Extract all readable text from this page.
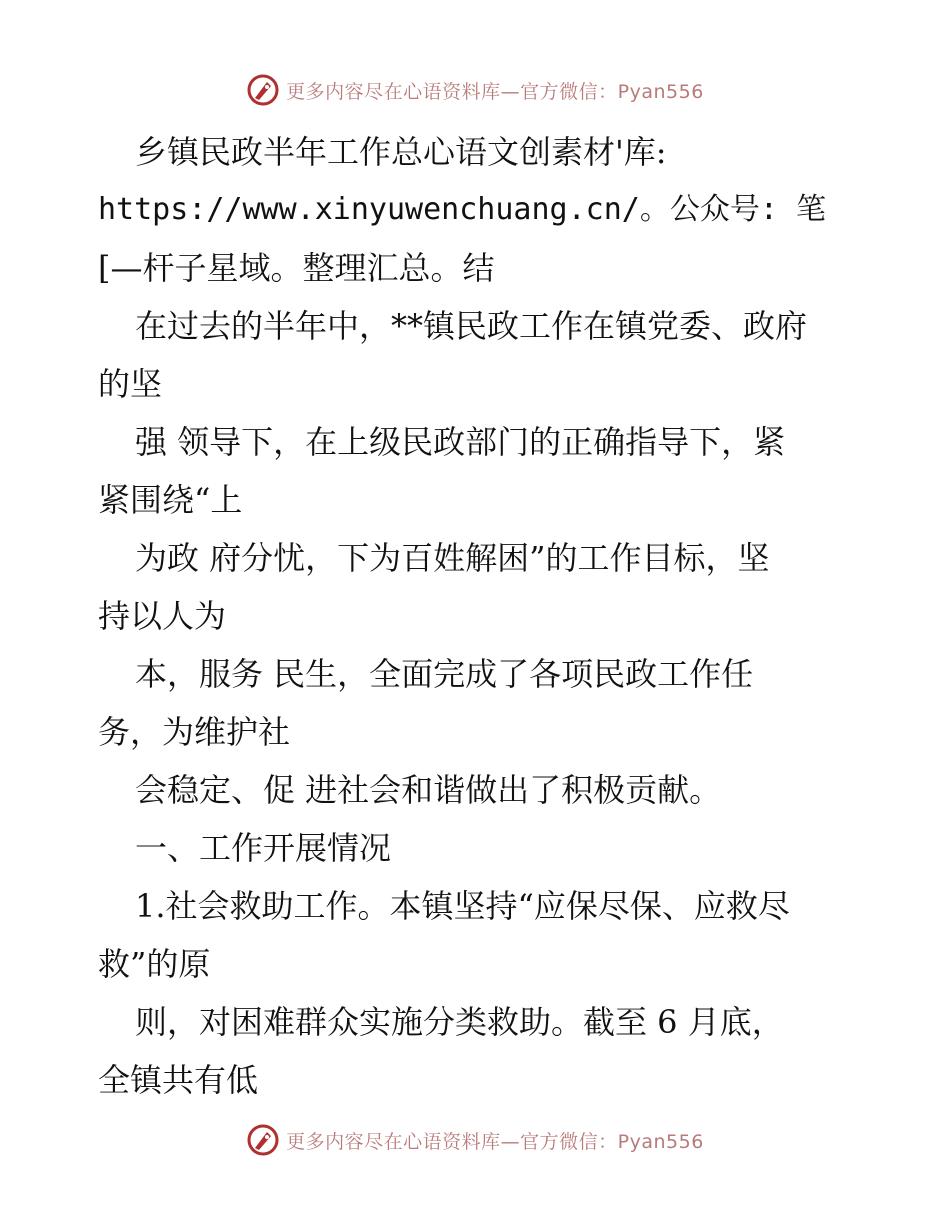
更多内容尽在心语资料库—官方微信：Pyan556
乡镇民政半年工作总心语文创素材'库:
https://www.xinyuwenchuang.cn/。公众号: 笔
[—杆子星域。整理汇总。结
在过去的半年中，**镇民政工作在镇党委、政府
的坚
强 领导下，在上级民政部门的正确指导下，紧
紧围绕“上
为政 府分忧，下为百姓解困”的工作目标，坚
持以人为
本，服务 民生，全面完成了各项民政工作任
务，为维护社
会稳定、促 进社会和谐做出了积极贡献。
一、工作开展情况
1.社会救助工作。本镇坚持“应保尽保、应救尽
救”的原
则，对困难群众实施分类救助。截至 6 月底，
全镇共有低
更多内容尽在心语资料库—官方微信：Pyan556
